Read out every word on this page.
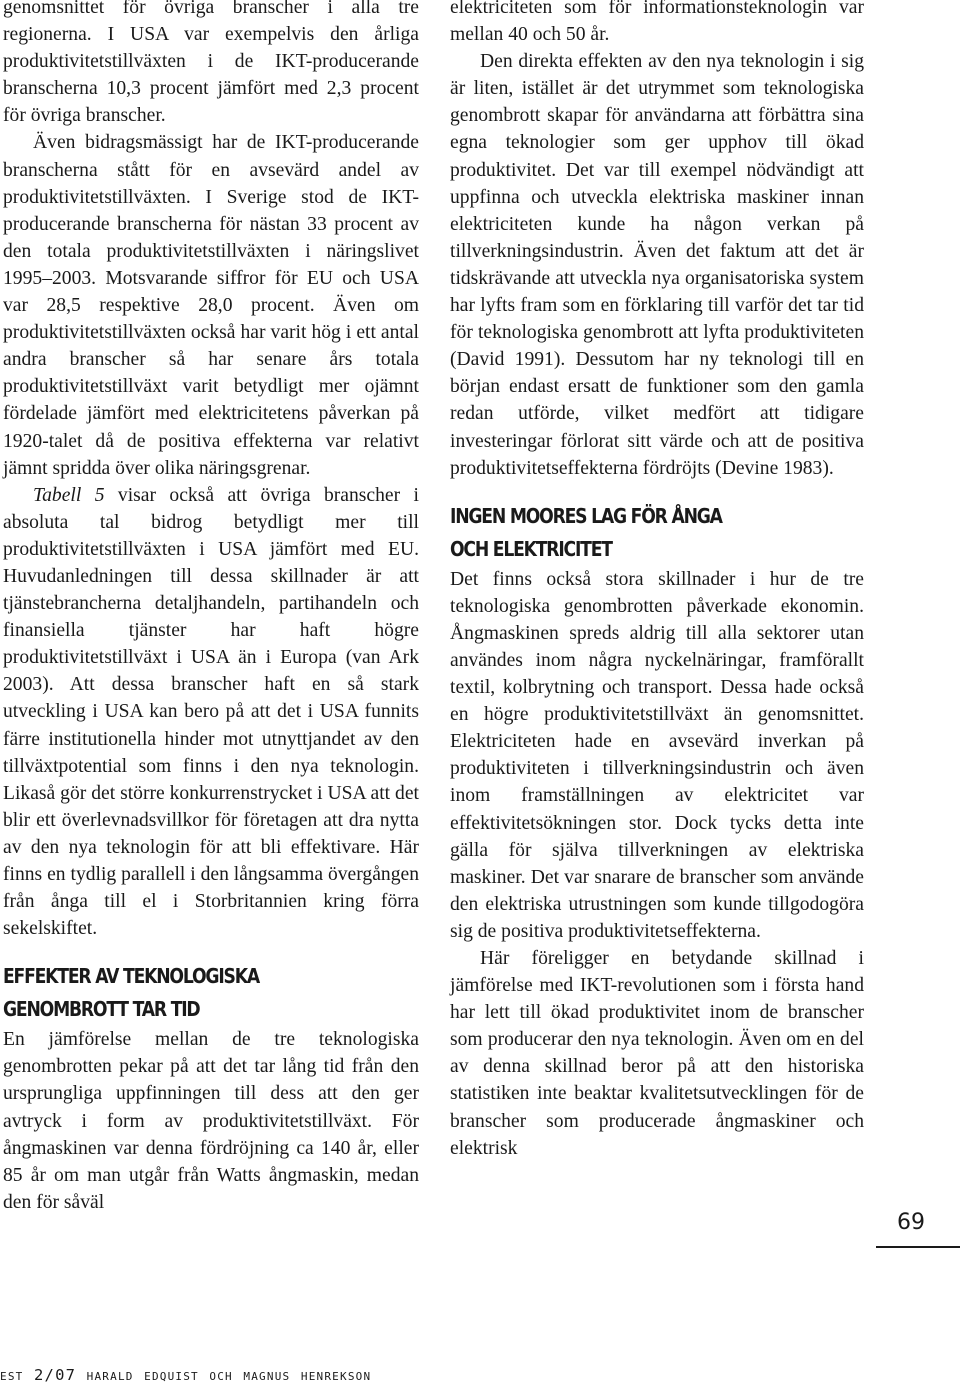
genomsnittet för övriga branscher i alla tre regionerna. I USA var exempelvis den årliga produktivitetstillväxten i de IKT-producerande branscherna 10,3 procent jämfört med 2,3 procent för övriga branscher.

Även bidragsmässigt har de IKT-producerande branscherna stått för en avsevärd andel av produktivitetstillväxten. I Sverige stod de IKT-producerande branscherna för nästan 33 procent av den totala produktivitetstillväxten i näringslivet 1995–2003. Motsvarande siffror för EU och USA var 28,5 respektive 28,0 procent. Även om produktivitetstillväxten också har varit hög i ett antal andra branscher så har senare års totala produktivitetstillväxt varit betydligt mer ojämnt fördelade jämfört med elektricitetens påverkan på 1920-talet då de positiva effekterna var relativt jämnt spridda över olika näringsgrenar.

Tabell 5 visar också att övriga branscher i absoluta tal bidrog betydligt mer till produktivitetstillväxten i USA jämfört med EU. Huvudanledningen till dessa skillnader är att tjänstebrancherna detaljhandeln, partihandeln och finansiella tjänster har haft högre produktivitetstillväxt i USA än i Europa (van Ark 2003). Att dessa branscher haft en så stark utveckling i USA kan bero på att det i USA funnits färre institutionella hinder mot utnyttjandet av den tillväxtpotential som finns i den nya teknologin. Likaså gör det större konkurrenstrycket i USA att det blir ett överlevnadsvillkor för företagen att dra nytta av den nya teknologin för att bli effektivare. Här finns en tydlig parallell i den långsamma övergången från ånga till el i Storbritannien kring förra sekelskiftet.

EFFEKTER AV TEKNOLOGISKA
GENOMBROTT TAR TID

En jämförelse mellan de tre teknologiska genombrotten pekar på att det tar lång tid från den ursprungliga uppfinningen till dess att den ger avtryck i form av produktivitetstillväxt. För ångmaskinen var denna fördröjning ca 140 år, eller 85 år om man utgår från Watts ångmaskin, medan den för såväl

elektriciteten som för informationsteknologin var mellan 40 och 50 år.

Den direkta effekten av den nya teknologin i sig är liten, istället är det utrymmet som teknologiska genombrott skapar för användarna att förbättra sina egna teknologier som ger upphov till ökad produktivitet. Det var till exempel nödvändigt att uppfinna och utveckla elektriska maskiner innan elektriciteten kunde ha någon verkan på tillverkningsindustrin. Även det faktum att det är tidskrävande att utveckla nya organisatoriska system har lyfts fram som en förklaring till varför det tar tid för teknologiska genombrott att lyfta produktiviteten (David 1991). Dessutom har ny teknologi till en början endast ersatt de funktioner som den gamla redan utförde, vilket medfört att tidigare investeringar förlorat sitt värde och att de positiva produktivitetseffekterna fördröjts (Devine 1983).

INGEN MOORES LAG FÖR ÅNGA
OCH ELEKTRICITET

Det finns också stora skillnader i hur de tre teknologiska genombrotten påverkade ekonomin. Ångmaskinen spreds aldrig till alla sektorer utan användes inom några nyckelnäringar, framförallt textil, kolbrytning och transport. Dessa hade också en högre produktivitetstillväxt än genomsnittet. Elektriciteten hade en avsevärd inverkan på produktiviteten i tillverkningsindustrin och även inom framställningen av elektricitet var effektivitetsökningen stor. Dock tycks detta inte gälla för själva tillverkningen av elektriska maskiner. Det var snarare de branscher som använde den elektriska utrustningen som kunde tillgodogöra sig de positiva produktivitetseffekterna.

Här föreligger en betydande skillnad i jämförelse med IKT-revolutionen som i första hand har lett till ökad produktivitet inom de branscher som producerar den nya teknologin. Även om en del av denna skillnad beror på att den historiska statistiken inte beaktar kvalitetsutvecklingen för de branscher som producerade ångmaskiner och elektrisk

69
est 2/07 harald edquist och magnus henrekson
